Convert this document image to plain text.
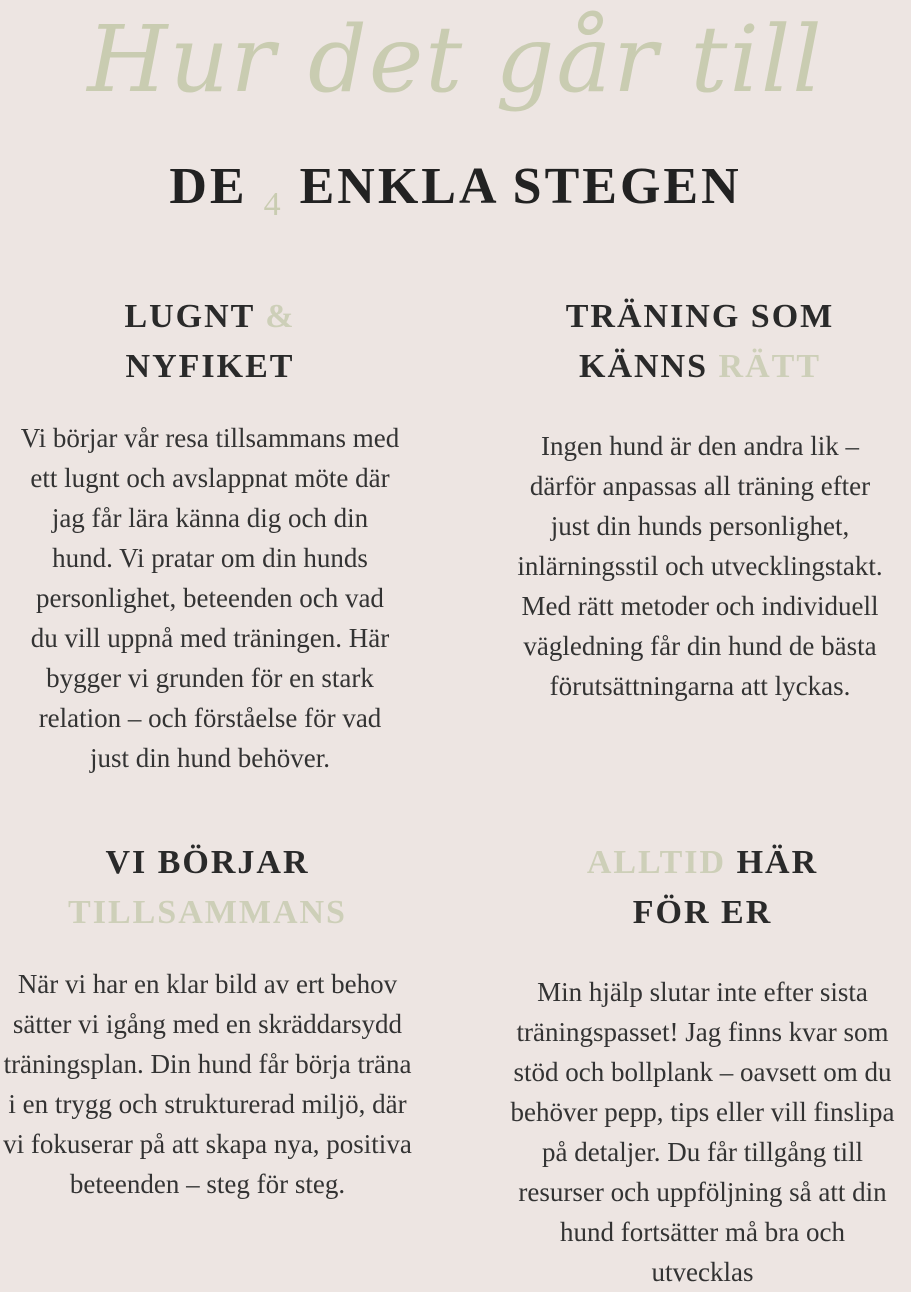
Hur det går till
DE $_4$ ENKLA STEGEN
LUGNT &
NYFIKET
Vi börjar vår resa tillsammans med ett lugnt och avslappnat möte där jag får lära känna dig och din hund. Vi pratar om din hunds personlighet, beteenden och vad du vill uppnå med träningen. Här bygger vi grunden för en stark relation – och förståelse för vad just din hund behöver.
TRÄNING SOM
KÄNNS RÄTT
Ingen hund är den andra lik – därför anpassas all träning efter just din hunds personlighet, inlärningsstil och utvecklingstakt. Med rätt metoder och individuell vägledning får din hund de bästa förutsättningarna att lyckas.
VI BÖRJAR
TILLSAMMANS
När vi har en klar bild av ert behov sätter vi igång med en skräddarsydd träningsplan. Din hund får börja träna i en trygg och strukturerad miljö, där vi fokuserar på att skapa nya, positiva beteenden – steg för steg.
ALLTID HÄR
FÖR ER
Min hjälp slutar inte efter sista träningspasset! Jag finns kvar som stöd och bollplank – oavsett om du behöver pepp, tips eller vill finslipa på detaljer. Du får tillgång till resurser och uppföljning så att din hund fortsätter må bra och utvecklas
